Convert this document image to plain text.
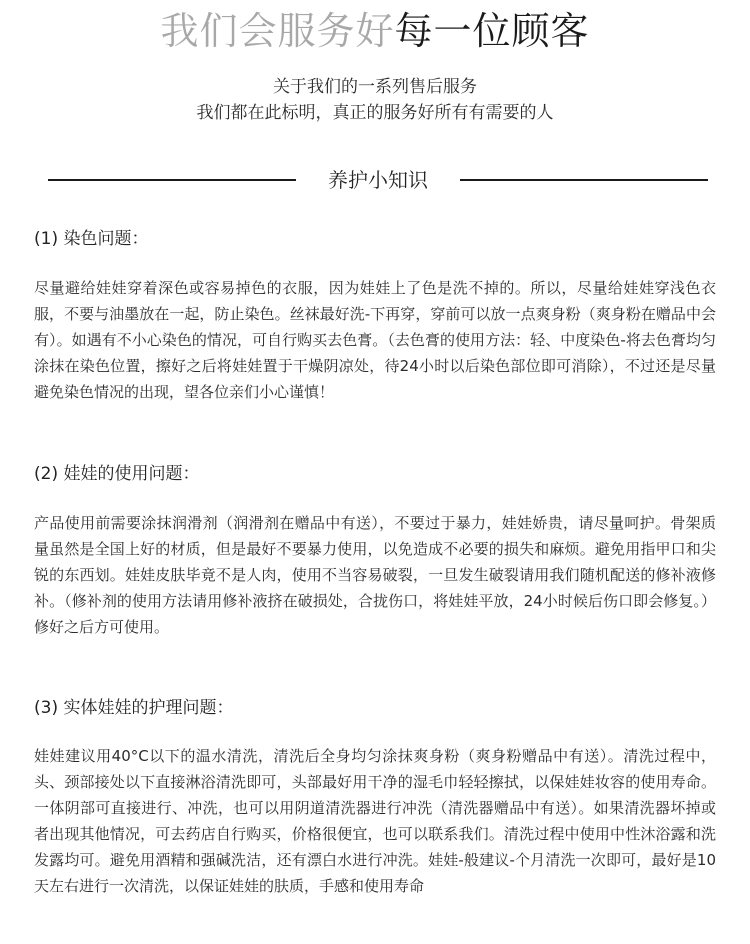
我们会服务好每一位顾客
关于我们的一系列售后服务
我们都在此标明，真正的服务好所有有需要的人
养护小知识
(1) 染色问题：

尽量避给娃娃穿着深色或容易掉色的衣服，因为娃娃上了色是洗不掉的。所以，尽量给娃娃穿浅色衣服，不要与油墨放在一起，防止染色。丝袜最好洗-下再穿，穿前可以放一点爽身粉（爽身粉在赠品中会有）。如遇有不小心染色的情况，可自行购买去色膏。（去色膏的使用方法：轻、中度染色-将去色膏均匀涂抹在染色位置，擦好之后将娃娃置于干燥阴凉处，待24小时以后染色部位即可消除），不过还是尽量避免染色情况的出现，望各位亲们小心谨慎！

(2) 娃娃的使用问题：

产品使用前需要涂抹润滑剂（润滑剂在赠品中有送），不要过于暴力，娃娃娇贵，请尽量呵护。骨架质量虽然是全国上好的材质，但是最好不要暴力使用，以免造成不必要的损失和麻烦。避免用指甲口和尖锐的东西划。娃娃皮肤毕竟不是人肉，使用不当容易破裂，一旦发生破裂请用我们随机配送的修补液修补。（修补剂的使用方法请用修补液挤在破损处，合拢伤口，将娃娃平放，24小时候后伤口即会修复。）修好之后方可使用。

(3) 实体娃娃的护理问题：

娃娃建议用40°C以下的温水清洗，清洗后全身均匀涂抹爽身粉（爽身粉赠品中有送）。清洗过程中，头、颈部接处以下直接淋浴清洗即可，头部最好用干净的湿毛巾轻轻擦拭，以保娃娃妆容的使用寿命。一体阴部可直接进行、冲洗，也可以用阴道清洗器进行冲洗（清洗器赠品中有送）。如果清洗器坏掉或者出现其他情况，可去药店自行购买，价格很便宜，也可以联系我们。清洗过程中使用中性沐浴露和洗发露均可。避免用酒精和强碱洗洁，还有漂白水进行冲洗。娃娃-般建议-个月清洗一次即可，最好是10天左右进行一次清洗，以保证娃娃的肤质，手感和使用寿命
